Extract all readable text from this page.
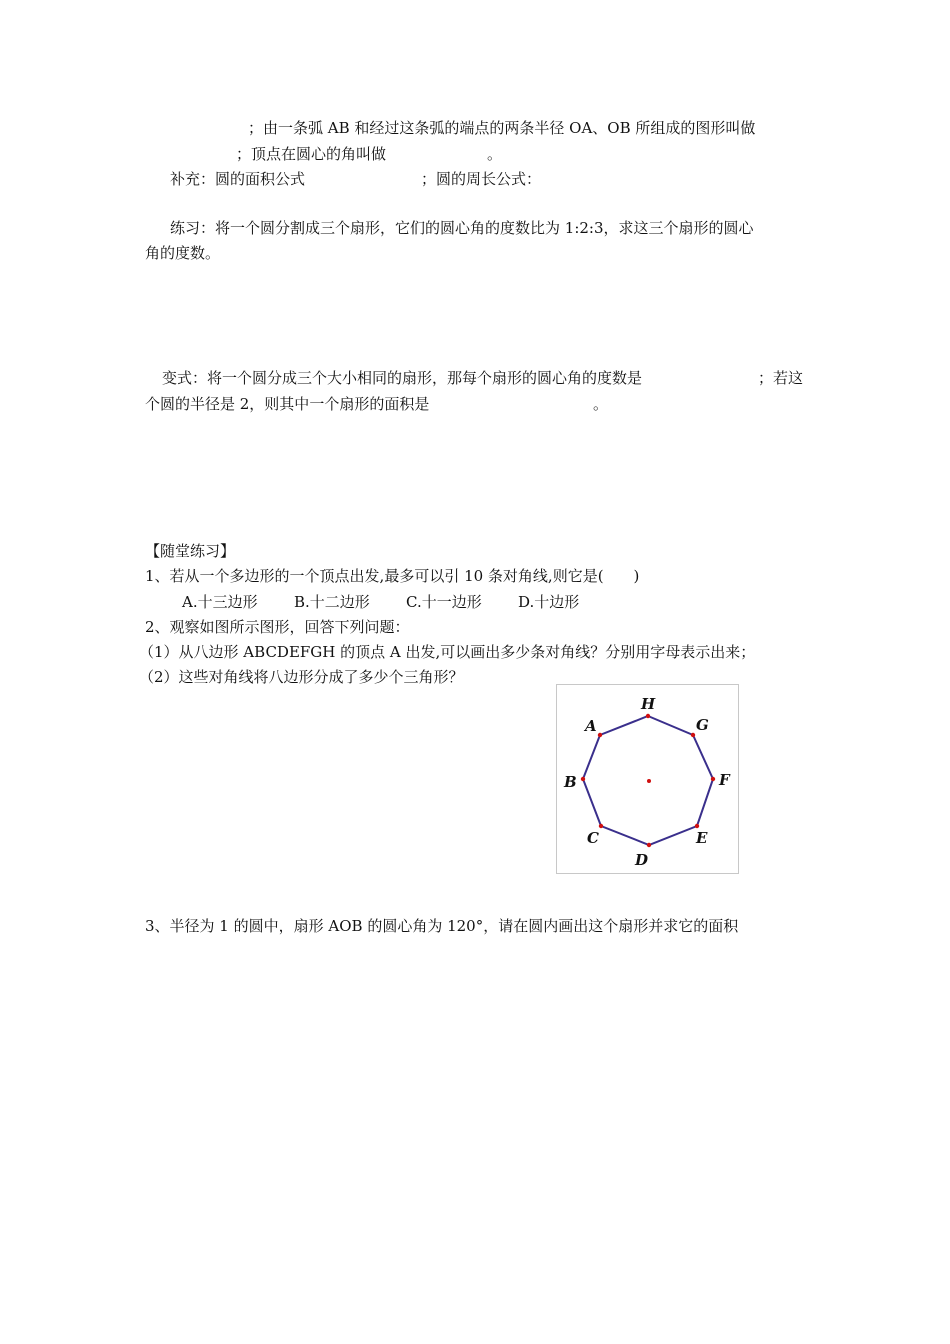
；由一条弧 AB 和经过这条弧的端点的两条半径 OA、OB 所组成的图形叫做
；顶点在圆心的角叫做	。
补充：圆的面积公式	；圆的周长公式：
练习：将一个圆分割成三个扇形，它们的圆心角的度数比为 1:2:3，求这三个扇形的圆心
角的度数。
变式：将一个圆分成三个大小相同的扇形，那每个扇形的圆心角的度数是	；若这
个圆的半径是 2，则其中一个扇形的面积是	。
【随堂练习】
1、若从一个多边形的一个顶点出发,最多可以引 10 条对角线,则它是(　　)
A.十三边形 B.十二边形 C.十一边形 D.十边形
2、观察如图所示图形，回答下列问题：
（1）从八边形 ABCDEFGH 的顶点 A 出发,可以画出多少条对角线？分别用字母表示出来；
（2）这些对角线将八边形分成了多少个三角形？
H
G
F
E
D
C
B
A
3、半径为 1 的圆中，扇形 AOB 的圆心角为 120°，请在圆内画出这个扇形并求它的面积
